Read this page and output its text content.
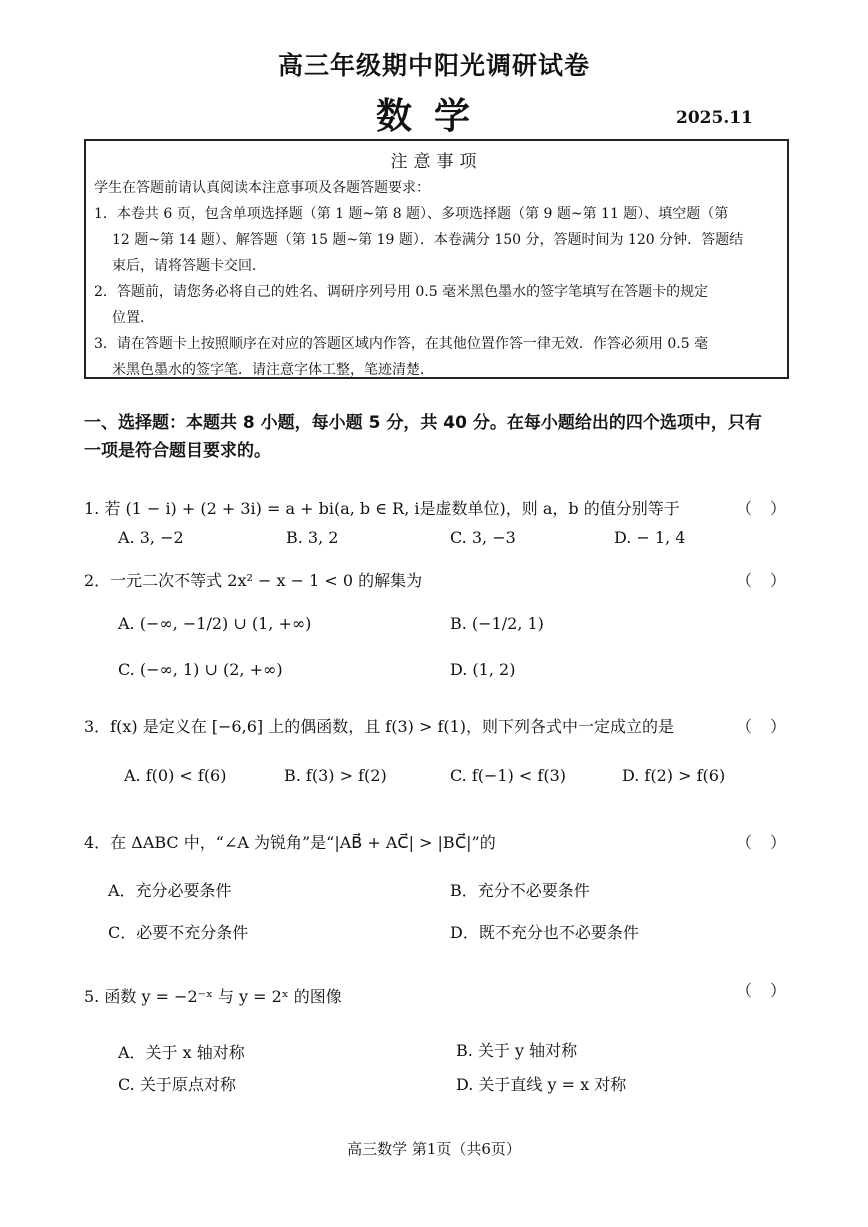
高三年级期中阳光调研试卷
数学	2025.11
注意事项
学生在答题前请认真阅读本注意事项及各题答题要求：
1．本卷共 6 页，包含单项选择题（第 1 题~第 8 题）、多项选择题（第 9 题~第 11 题）、填空题（第
12 题~第 14 题）、解答题（第 15 题~第 19 题）．本卷满分 150 分，答题时间为 120 分钟．答题结
束后，请将答题卡交回．
2．答题前，请您务必将自己的姓名、调研序列号用 0.5 毫米黑色墨水的签字笔填写在答题卡的规定
位置．
3．请在答题卡上按照顺序在对应的答题区域内作答，在其他位置作答一律无效．作答必须用 0.5 毫
米黑色墨水的签字笔．请注意字体工整，笔迹清楚．
一、选择题：本题共 8 小题，每小题 5 分，共 40 分。在每小题给出的四个选项中，只有
一项是符合题目要求的。
1. 若 (1 − i) + (2 + 3i) = a + bi(a, b ∈ R, i是虚数单位)，则 a，b 的值分别等于	（）
A. 3, −2	B. 3, 2	C. 3, −3	D. − 1, 4
2．一元二次不等式 2x² − x − 1 < 0 的解集为	（）
A. (−∞, −1/2) ∪ (1, +∞)	B. (−1/2, 1)
C. (−∞, 1) ∪ (2, +∞)	D. (1, 2)
3．f(x) 是定义在 [−6,6] 上的偶函数，且 f(3) > f(1)，则下列各式中一定成立的是	（）
A. f(0) < f(6)	B. f(3) > f(2)	C. f(−1) < f(3)	D. f(2) > f(6)
4．在 ΔABC 中，“∠A 为锐角”是“|AB⃗ + AC⃗| > |BC⃗|”的	（）
A．充分必要条件	B．充分不必要条件
C．必要不充分条件	D．既不充分也不必要条件
5. 函数 y = −2⁻ˣ 与 y = 2ˣ 的图像	（）
A．关于 x 轴对称	B. 关于 y 轴对称
C. 关于原点对称	D. 关于直线 y = x 对称
高三数学 第1页（共6页）
